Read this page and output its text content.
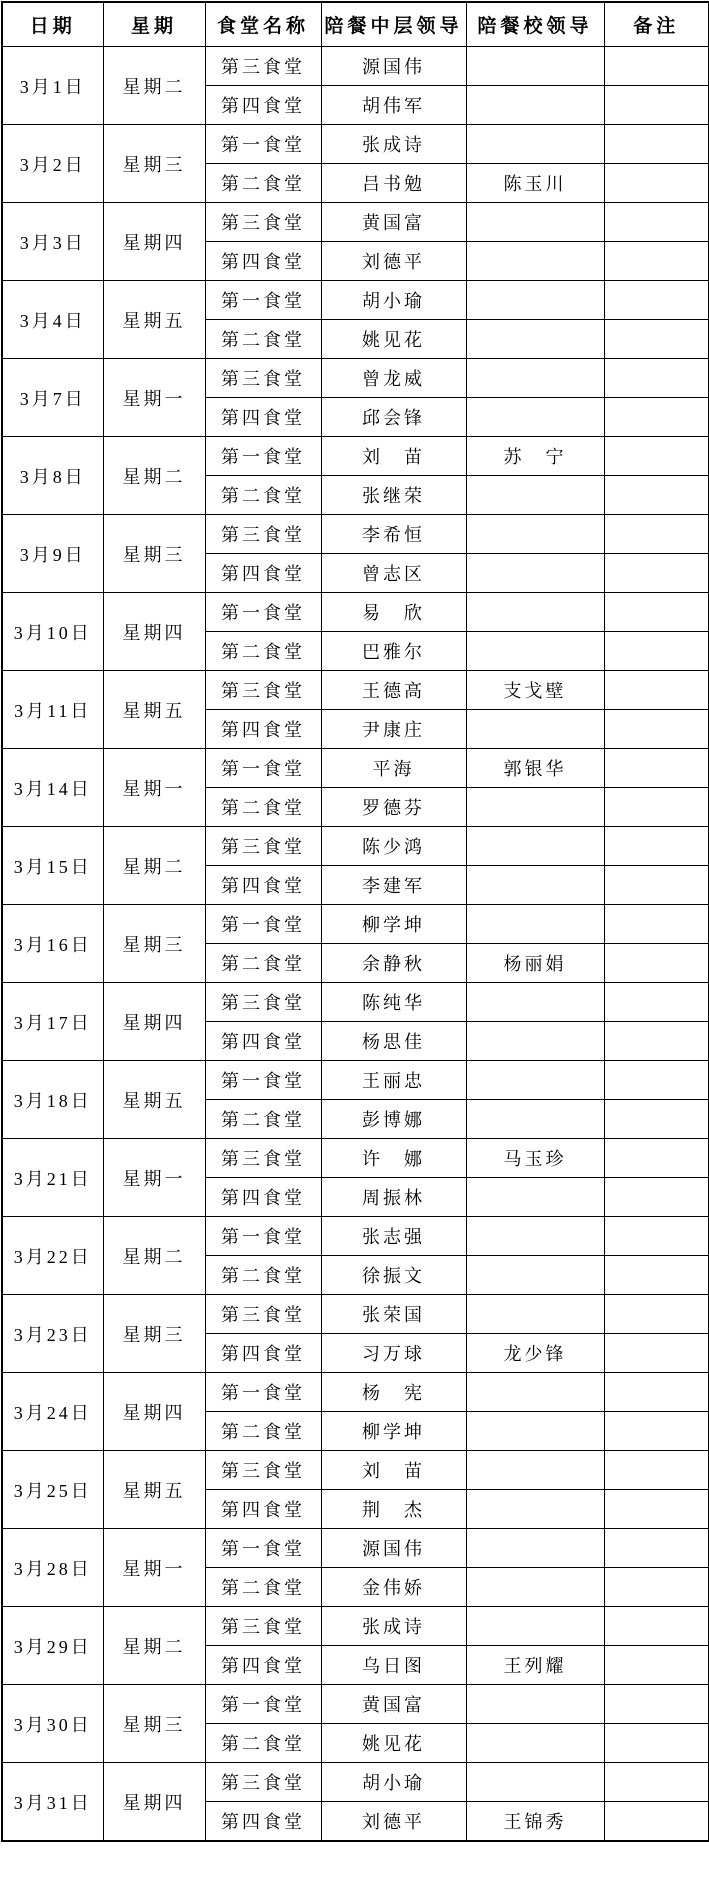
日期	星期	食堂名称	陪餐中层领导	陪餐校领导	备注
3月1日	星期二	第三食堂	源国伟		
		第四食堂	胡伟军		
3月2日	星期三	第一食堂	张成诗		
		第二食堂	吕书勉	陈玉川	
3月3日	星期四	第三食堂	黄国富		
		第四食堂	刘德平		
3月4日	星期五	第一食堂	胡小瑜		
		第二食堂	姚见花		
3月7日	星期一	第三食堂	曾龙威		
		第四食堂	邱会锋		
3月8日	星期二	第一食堂	刘　苗	苏　宁	
		第二食堂	张继荣		
3月9日	星期三	第三食堂	李希恒		
		第四食堂	曾志区		
3月10日	星期四	第一食堂	易　欣		
		第二食堂	巴雅尔		
3月11日	星期五	第三食堂	王德高	支戈壁	
		第四食堂	尹康庄		
3月14日	星期一	第一食堂	平海	郭银华	
		第二食堂	罗德芬		
3月15日	星期二	第三食堂	陈少鸿		
		第四食堂	李建军		
3月16日	星期三	第一食堂	柳学坤		
		第二食堂	余静秋	杨丽娟	
3月17日	星期四	第三食堂	陈纯华		
		第四食堂	杨思佳		
3月18日	星期五	第一食堂	王丽忠		
		第二食堂	彭博娜		
3月21日	星期一	第三食堂	许　娜	马玉珍	
		第四食堂	周振林		
3月22日	星期二	第一食堂	张志强		
		第二食堂	徐振文		
3月23日	星期三	第三食堂	张荣国		
		第四食堂	习万球	龙少锋	
3月24日	星期四	第一食堂	杨　宪		
		第二食堂	柳学坤		
3月25日	星期五	第三食堂	刘　苗		
		第四食堂	荆　杰		
3月28日	星期一	第一食堂	源国伟		
		第二食堂	金伟娇		
3月29日	星期二	第三食堂	张成诗		
		第四食堂	乌日图	王列耀	
3月30日	星期三	第一食堂	黄国富		
		第二食堂	姚见花		
3月31日	星期四	第三食堂	胡小瑜		
		第四食堂	刘德平	王锦秀	
